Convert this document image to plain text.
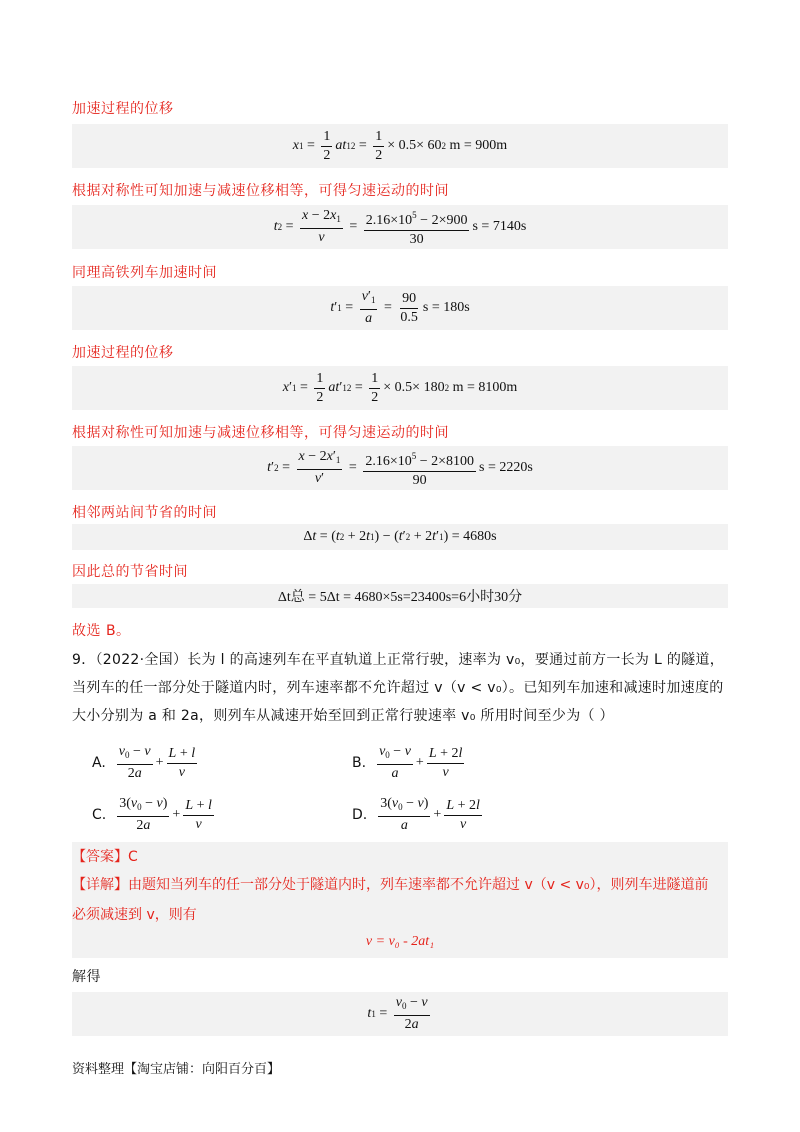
加速过程的位移
x $1 = \frac{1}{2}$ at 1 $2 = \frac{1}{2} \times 0.5\times 60$ 2 m = 900m
根据对称性可知加速与减速位移相等，可得匀速运动的时间
t $2 = \frac{x - 2x_1}{v} = \frac{2.16\times 10^5 - 2\times 900}{30}$ s = 7140s
同理高铁列车加速时间
t ′ $1 = \frac{v'_1}{a} = \frac{90}{0.5}$ s = 180s
加速过程的位移
x ′ $1 = \frac{1}{2}$ at ′ 1 $2 = \frac{1}{2} \times 0.5\times 180$ 2 m = 8100m
根据对称性可知加速与减速位移相等，可得匀速运动的时间
t ′ $2 = \frac{x - 2x'_1}{v'} = \frac{2.16\times 10^5 - 2\times 8100}{90}$ s = 2220s
相邻两站间节省的时间
Δ t = ( t 2 + 2 t 1 ) − ( t ′ 2 + 2 t ′ 1 ) = 4680s
因此总的节省时间
Δt总 = 5Δt = 4680×5s=23400s=6小时30分
故选 B。
9．（2022·全国）长为 l 的高速列车在平直轨道上正常行驶，速率为 v₀，要通过前方一长为 L 的隧道，当列车的任一部分处于隧道内时，列车速率都不允许超过 v（v < v₀）。已知列车加速和减速时加速度的大小分别为 a 和 2a，则列车从减速开始至回到正常行驶速率 v₀ 所用时间至少为（ ）
A. $\frac{v_0 - v}{2a} + \frac{L + l}{v}$	B. $\frac{v_0 - v}{a} + \frac{L + 2l}{v}$
C. $\frac{3(v_0 - v)}{2a} + \frac{L + l}{v}$	D. $\frac{3(v_0 - v)}{a} + \frac{L + 2l}{v}$
【答案】C
【详解】由题知当列车的任一部分处于隧道内时，列车速率都不允许超过 v（v < v₀），则列车进隧道前必须减速到 v，则有
v = v₀ - 2at₁
解得
t $1 = \frac{v_0 - v}{2a}$
资料整理【淘宝店铺：向阳百分百】
